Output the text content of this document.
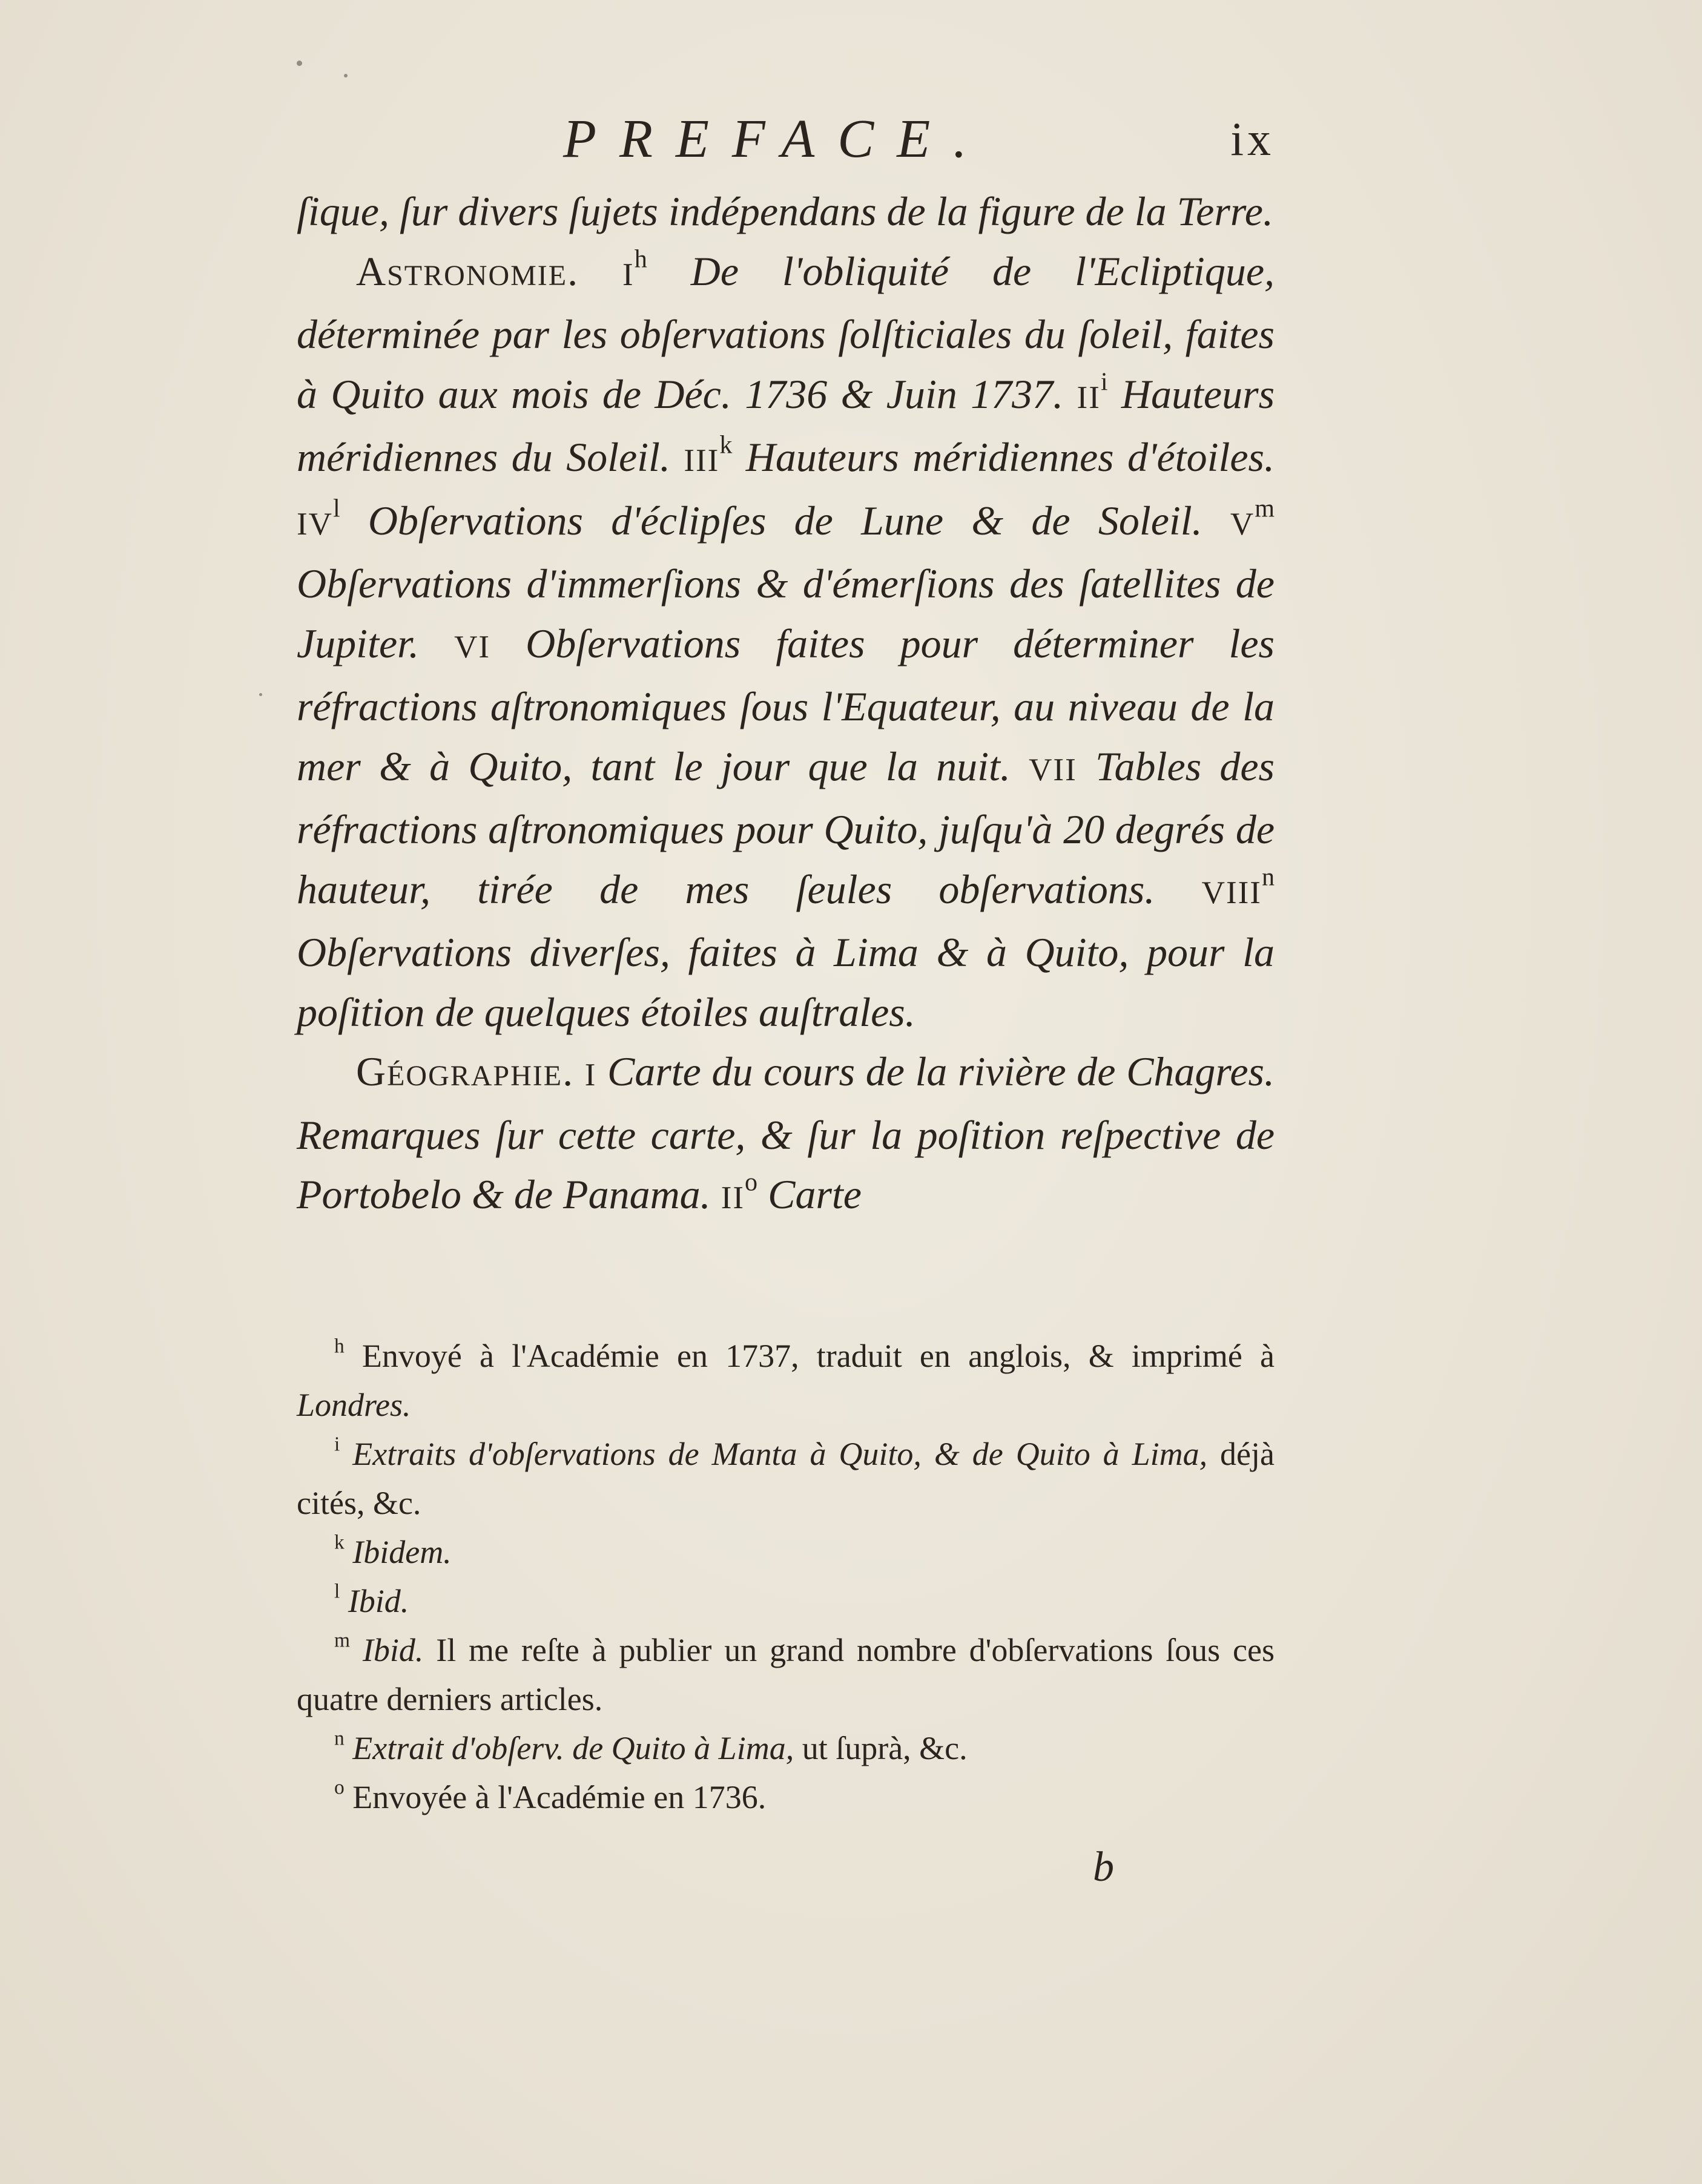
PREFACE.	ix

ſique, ſur divers ſujets indépendans de la figure de la Terre.

Astronomie. $I^h$ De l'obliquité de l'Ecliptique, déterminée par les obſervations ſolſticiales du ſoleil, faites à Quito aux mois de Déc. 1736 & Juin 1737. $II^i$ Hauteurs méridiennes du Soleil. III$^k$ Hauteurs méridiennes d'étoiles. $IV^l$ Obſervations d'éclipſes de Lune & de Soleil. $V^m$ Obſervations d'immerſions & d'émerſions des ſatellites de Jupiter. VI Obſervations faites pour déterminer les réfractions aſtronomiques ſous l'Equateur, au niveau de la mer & à Quito, tant le jour que la nuit. VII Tables des réfractions aſtronomiques pour Quito, juſqu'à 20 degrés de hauteur, tirée de mes ſeules obſervations. VIII$^n$ Obſervations diverſes, faites à Lima & à Quito, pour la poſition de quelques étoiles auſtrales.

Géographie. I Carte du cours de la rivière de Chagres. Remarques ſur cette carte, & ſur la poſition reſpective de Portobelo & de Panama. $II^o$ Carte

$^h$ Envoyé à l'Académie en 1737, traduit en anglois, & imprimé à Londres.

$^i$ Extraits d'obſervations de Manta à Quito, & de Quito à Lima, déjà cités, &c.

$^k$ Ibidem.

$^l$ Ibid.

$^m$ Ibid. Il me reſte à publier un grand nombre d'obſervations ſous ces quatre derniers articles.

$^n$ Extrait d'obſerv. de Quito à Lima, ut ſuprà, &c.

$^o$ Envoyée à l'Académie en 1736.

b
